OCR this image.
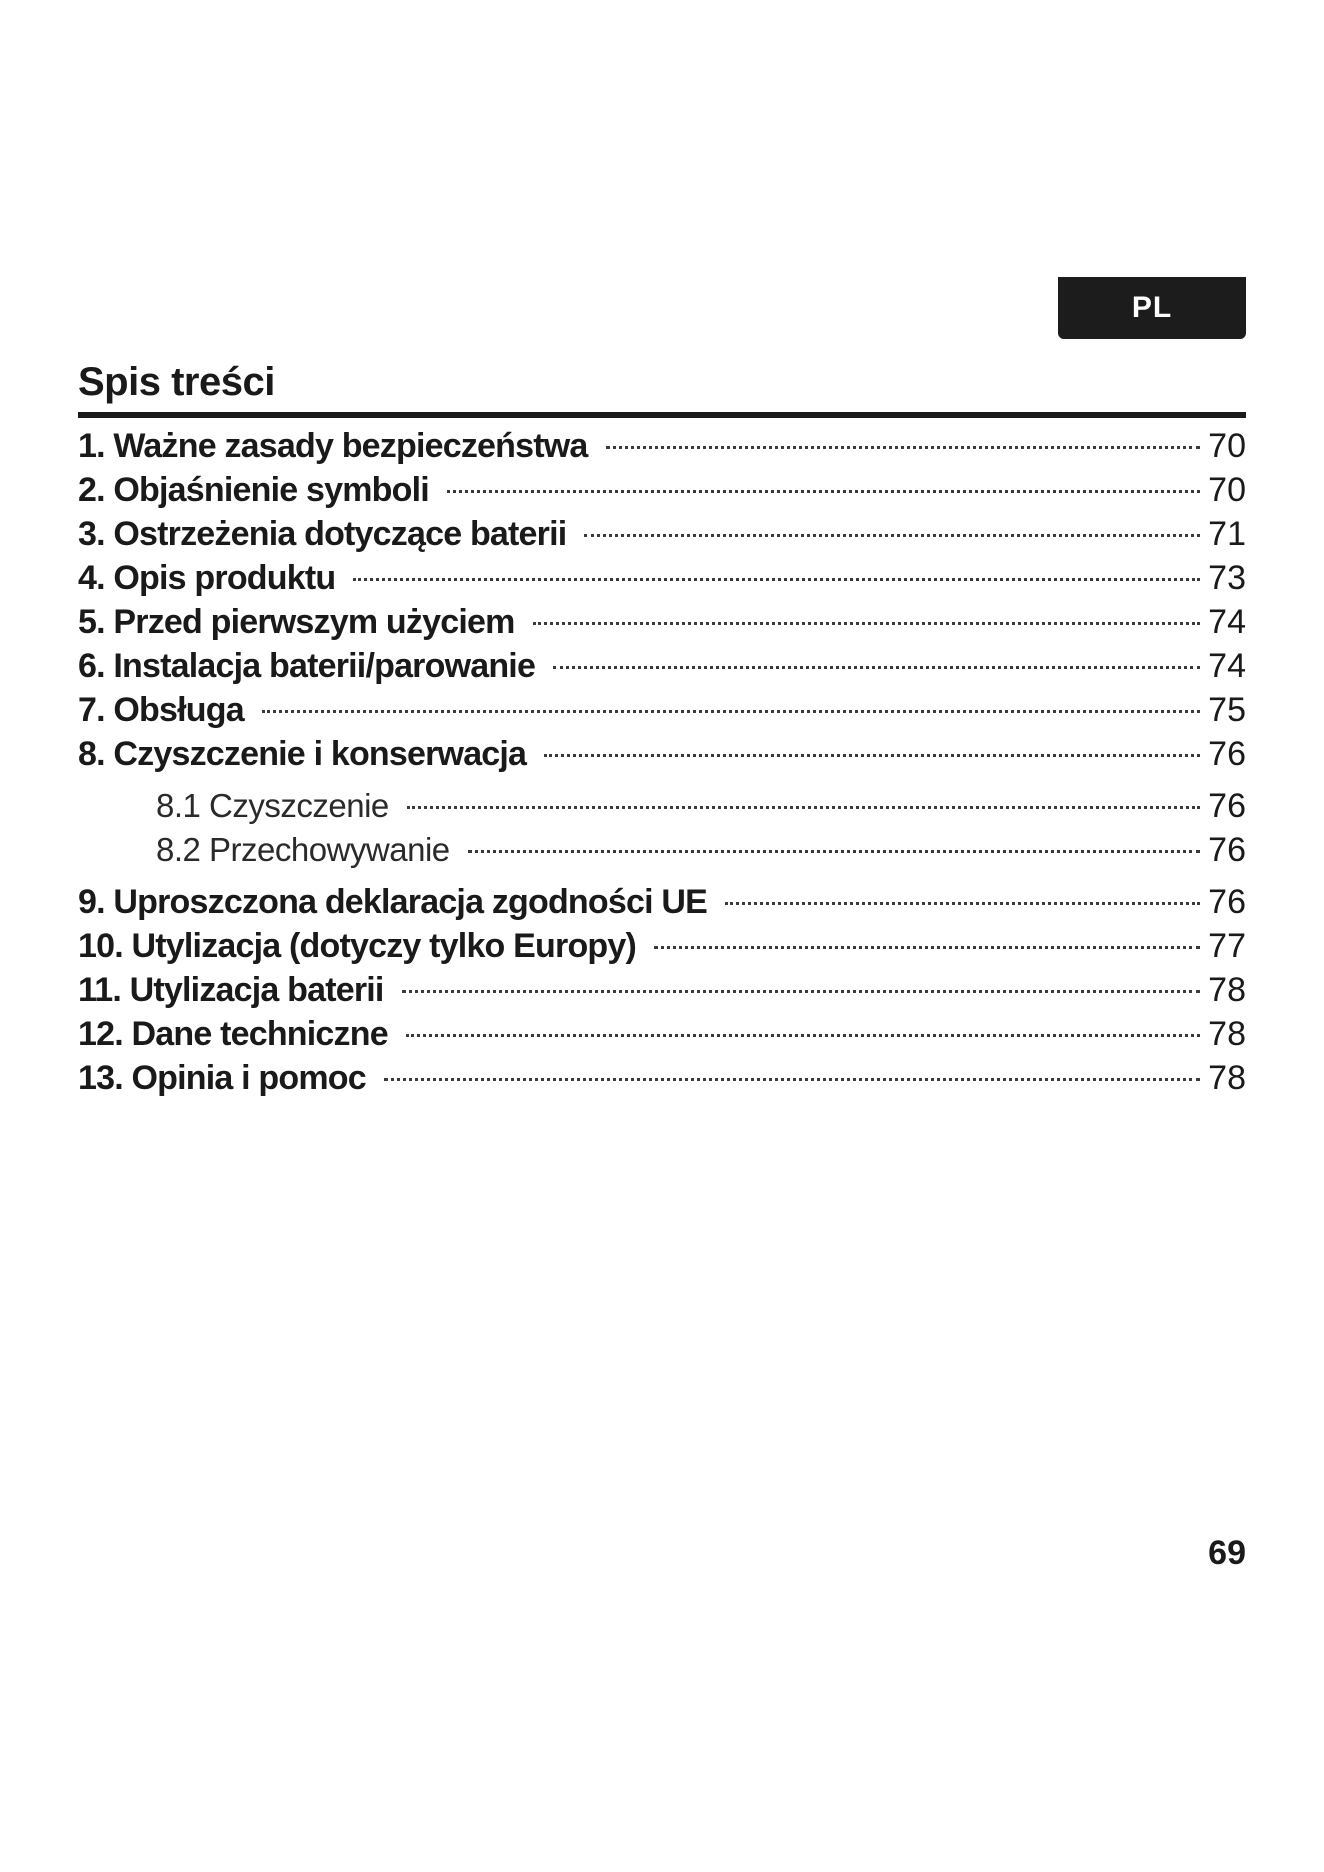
PL
Spis treści
1. Ważne zasady bezpieczeństwa	70
2. Objaśnienie symboli	70
3. Ostrzeżenia dotyczące baterii	71
4. Opis produktu	73
5. Przed pierwszym użyciem	74
6. Instalacja baterii/parowanie	74
7. Obsługa	75
8. Czyszczenie i konserwacja	76
8.1 Czyszczenie	76
8.2 Przechowywanie	76
9. Uproszczona deklaracja zgodności UE	76
10. Utylizacja (dotyczy tylko Europy)	77
11. Utylizacja baterii	78
12. Dane techniczne	78
13. Opinia i pomoc	78

69
